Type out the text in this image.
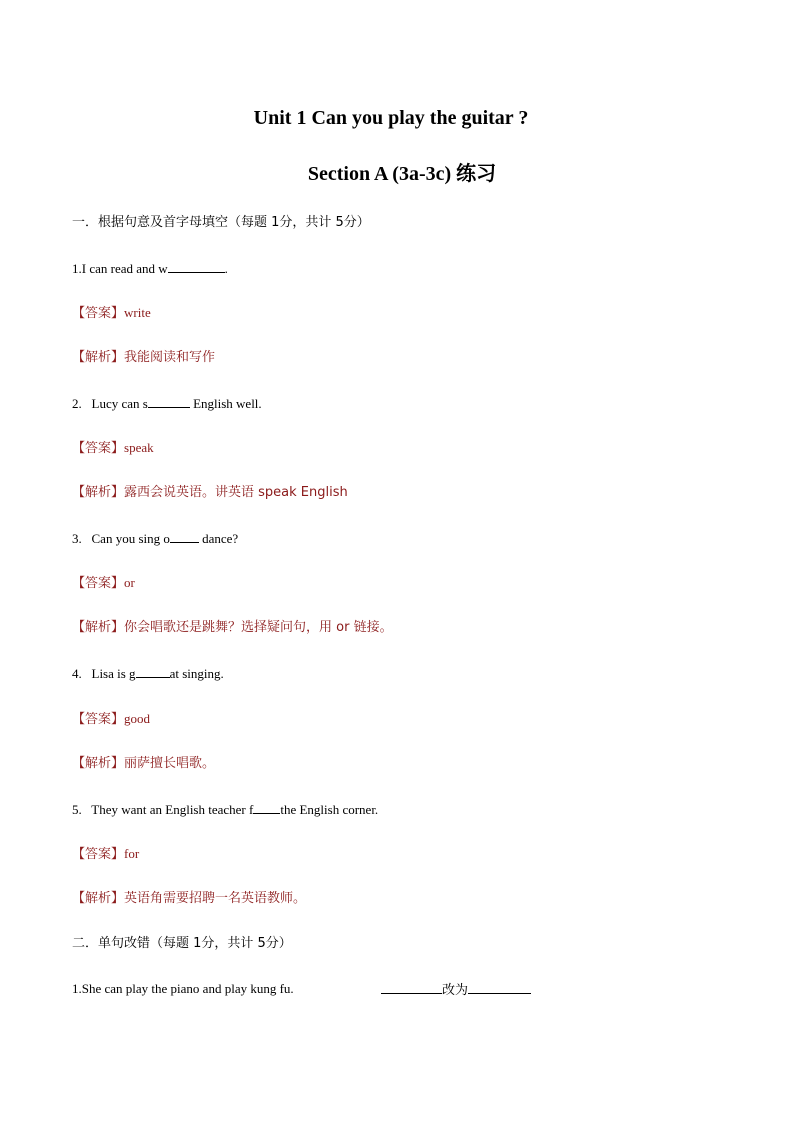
Unit 1 Can you play the guitar ?
Section A (3a-3c) 练习
一．根据句意及首字母填空（每题 1分，共计 5分）
1.I can read and w	.
【答案】write
【解析】我能阅读和写作
2.   Lucy can s	English well.
【答案】speak
【解析】露西会说英语。讲英语 speak English
3.   Can you sing o dance?
【答案】or
【解析】你会唱歌还是跳舞？选择疑问句，用 or 链接。
4.   Lisa is g	at singing.
【答案】good
【解析】丽萨擅长唱歌。
5.   They want an English teacher f the English corner.
【答案】for
【解析】英语角需要招聘一名英语教师。
二．单句改错（每题 1分，共计 5分）
1.She can play the piano and play kung fu.	改为
